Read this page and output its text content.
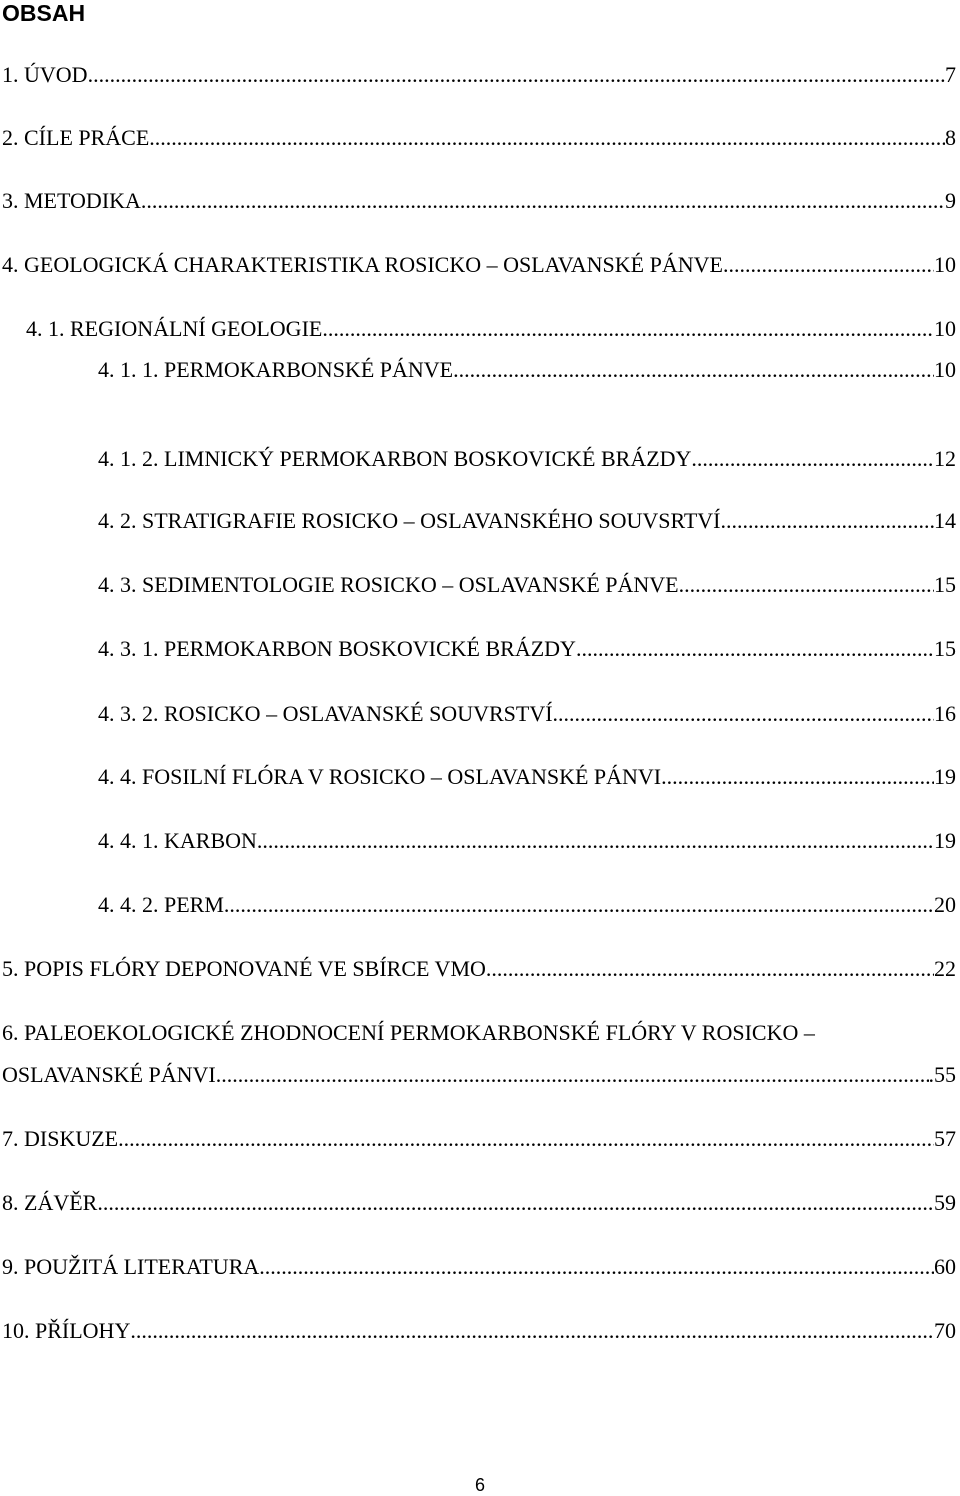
OBSAH
1. ÚVOD .....	7
2. CÍLE PRÁCE .....	8
3. METODIKA .....	9
4. GEOLOGICKÁ CHARAKTERISTIKA ROSICKO – OSLAVANSKÉ PÁNVE .....	10
4. 1. REGIONÁLNÍ GEOLOGIE .....	10
4. 1. 1. PERMOKARBONSKÉ PÁNVE .....	10
4. 1. 2. LIMNICKÝ PERMOKARBON BOSKOVICKÉ BRÁZDY .....	12
4. 2. STRATIGRAFIE ROSICKO – OSLAVANSKÉHO SOUVSRTVÍ .....	14
4. 3. SEDIMENTOLOGIE ROSICKO – OSLAVANSKÉ PÁNVE .....	15
4. 3. 1. PERMOKARBON BOSKOVICKÉ BRÁZDY .....	15
4. 3. 2. ROSICKO – OSLAVANSKÉ SOUVRSTVÍ .....	16
4. 4. FOSILNÍ FLÓRA V ROSICKO – OSLAVANSKÉ PÁNVI .....	19
4. 4. 1. KARBON .....	19
4. 4. 2. PERM .....	20
5. POPIS FLÓRY DEPONOVANÉ VE SBÍRCE VMO .....	22
6. PALEOEKOLOGICKÉ ZHODNOCENÍ PERMOKARBONSKÉ FLÓRY V ROSICKO –
OSLAVANSKÉ PÁNVI .....	.55
7. DISKUZE .....	57
8. ZÁVĚR .....	59
9. POUŽITÁ LITERATURA .....	60
10. PŘÍLOHY .....	70
6
